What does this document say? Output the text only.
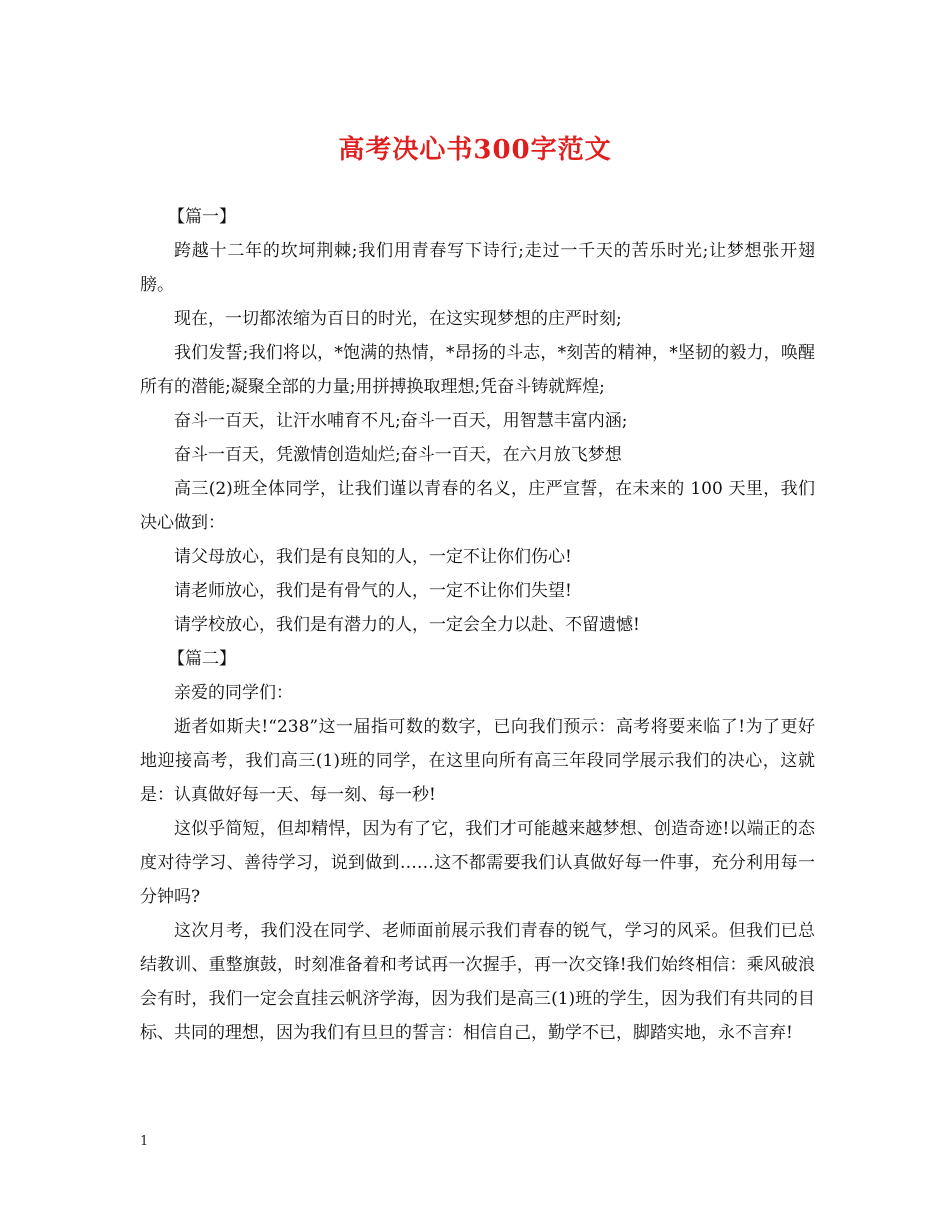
高考决心书300字范文

【篇一】

跨越十二年的坎坷荆棘;我们用青春写下诗行;走过一千天的苦乐时光;让梦想张开翅膀。

现在，一切都浓缩为百日的时光，在这实现梦想的庄严时刻;

我们发誓;我们将以，*饱满的热情，*昂扬的斗志，*刻苦的精神，*坚韧的毅力，唤醒所有的潜能;凝聚全部的力量;用拼搏换取理想;凭奋斗铸就辉煌;

奋斗一百天，让汗水哺育不凡;奋斗一百天，用智慧丰富内涵;

奋斗一百天，凭激情创造灿烂;奋斗一百天，在六月放飞梦想

高三(2)班全体同学，让我们谨以青春的名义，庄严宣誓，在未来的 100 天里，我们决心做到：

请父母放心，我们是有良知的人，一定不让你们伤心!

请老师放心，我们是有骨气的人，一定不让你们失望!

请学校放心，我们是有潜力的人，一定会全力以赴、不留遗憾!

【篇二】

亲爱的同学们：

逝者如斯夫!“238”这一届指可数的数字，已向我们预示：高考将要来临了!为了更好地迎接高考，我们高三(1)班的同学，在这里向所有高三年段同学展示我们的决心，这就是：认真做好每一天、每一刻、每一秒!

这似乎简短，但却精悍，因为有了它，我们才可能越来越梦想、创造奇迹!以端正的态度对待学习、善待学习，说到做到……这不都需要我们认真做好每一件事，充分利用每一分钟吗?

这次月考，我们没在同学、老师面前展示我们青春的锐气，学习的风采。但我们已总结教训、重整旗鼓，时刻准备着和考试再一次握手，再一次交锋!我们始终相信：乘风破浪会有时，我们一定会直挂云帆济学海，因为我们是高三(1)班的学生，因为我们有共同的目标、共同的理想，因为我们有旦旦的誓言：相信自己，勤学不已，脚踏实地，永不言弃!

1
